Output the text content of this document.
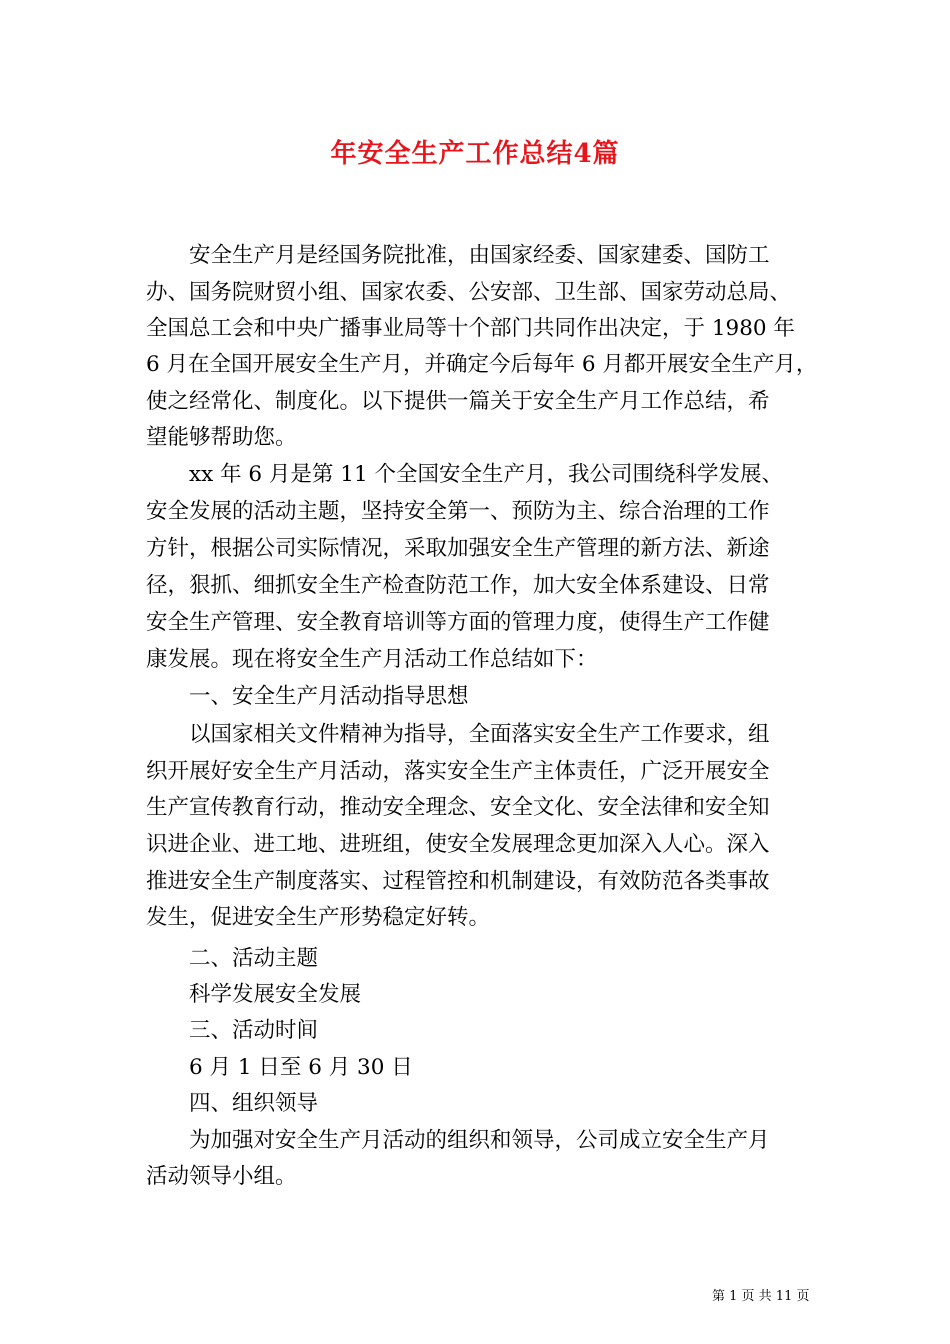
年安全生产工作总结4篇
　　安全生产月是经国务院批准，由国家经委、国家建委、国防工
办、国务院财贸小组、国家农委、公安部、卫生部、国家劳动总局、
全国总工会和中央广播事业局等十个部门共同作出决定，于 1980 年
6 月在全国开展安全生产月，并确定今后每年 6 月都开展安全生产月，
使之经常化、制度化。以下提供一篇关于安全生产月工作总结，希
望能够帮助您。
　　xx 年 6 月是第 11 个全国安全生产月，我公司围绕科学发展、
安全发展的活动主题，坚持安全第一、预防为主、综合治理的工作
方针，根据公司实际情况，采取加强安全生产管理的新方法、新途
径，狠抓、细抓安全生产检查防范工作，加大安全体系建设、日常
安全生产管理、安全教育培训等方面的管理力度，使得生产工作健
康发展。现在将安全生产月活动工作总结如下：
　　一、安全生产月活动指导思想
　　以国家相关文件精神为指导，全面落实安全生产工作要求，组
织开展好安全生产月活动，落实安全生产主体责任，广泛开展安全
生产宣传教育行动，推动安全理念、安全文化、安全法律和安全知
识进企业、进工地、进班组，使安全发展理念更加深入人心。深入
推进安全生产制度落实、过程管控和机制建设，有效防范各类事故
发生，促进安全生产形势稳定好转。
　　二、活动主题
　　科学发展安全发展
　　三、活动时间
　　6 月 1 日至 6 月 30 日
　　四、组织领导
　　为加强对安全生产月活动的组织和领导，公司成立安全生产月
活动领导小组。
第 1 页 共 11 页
